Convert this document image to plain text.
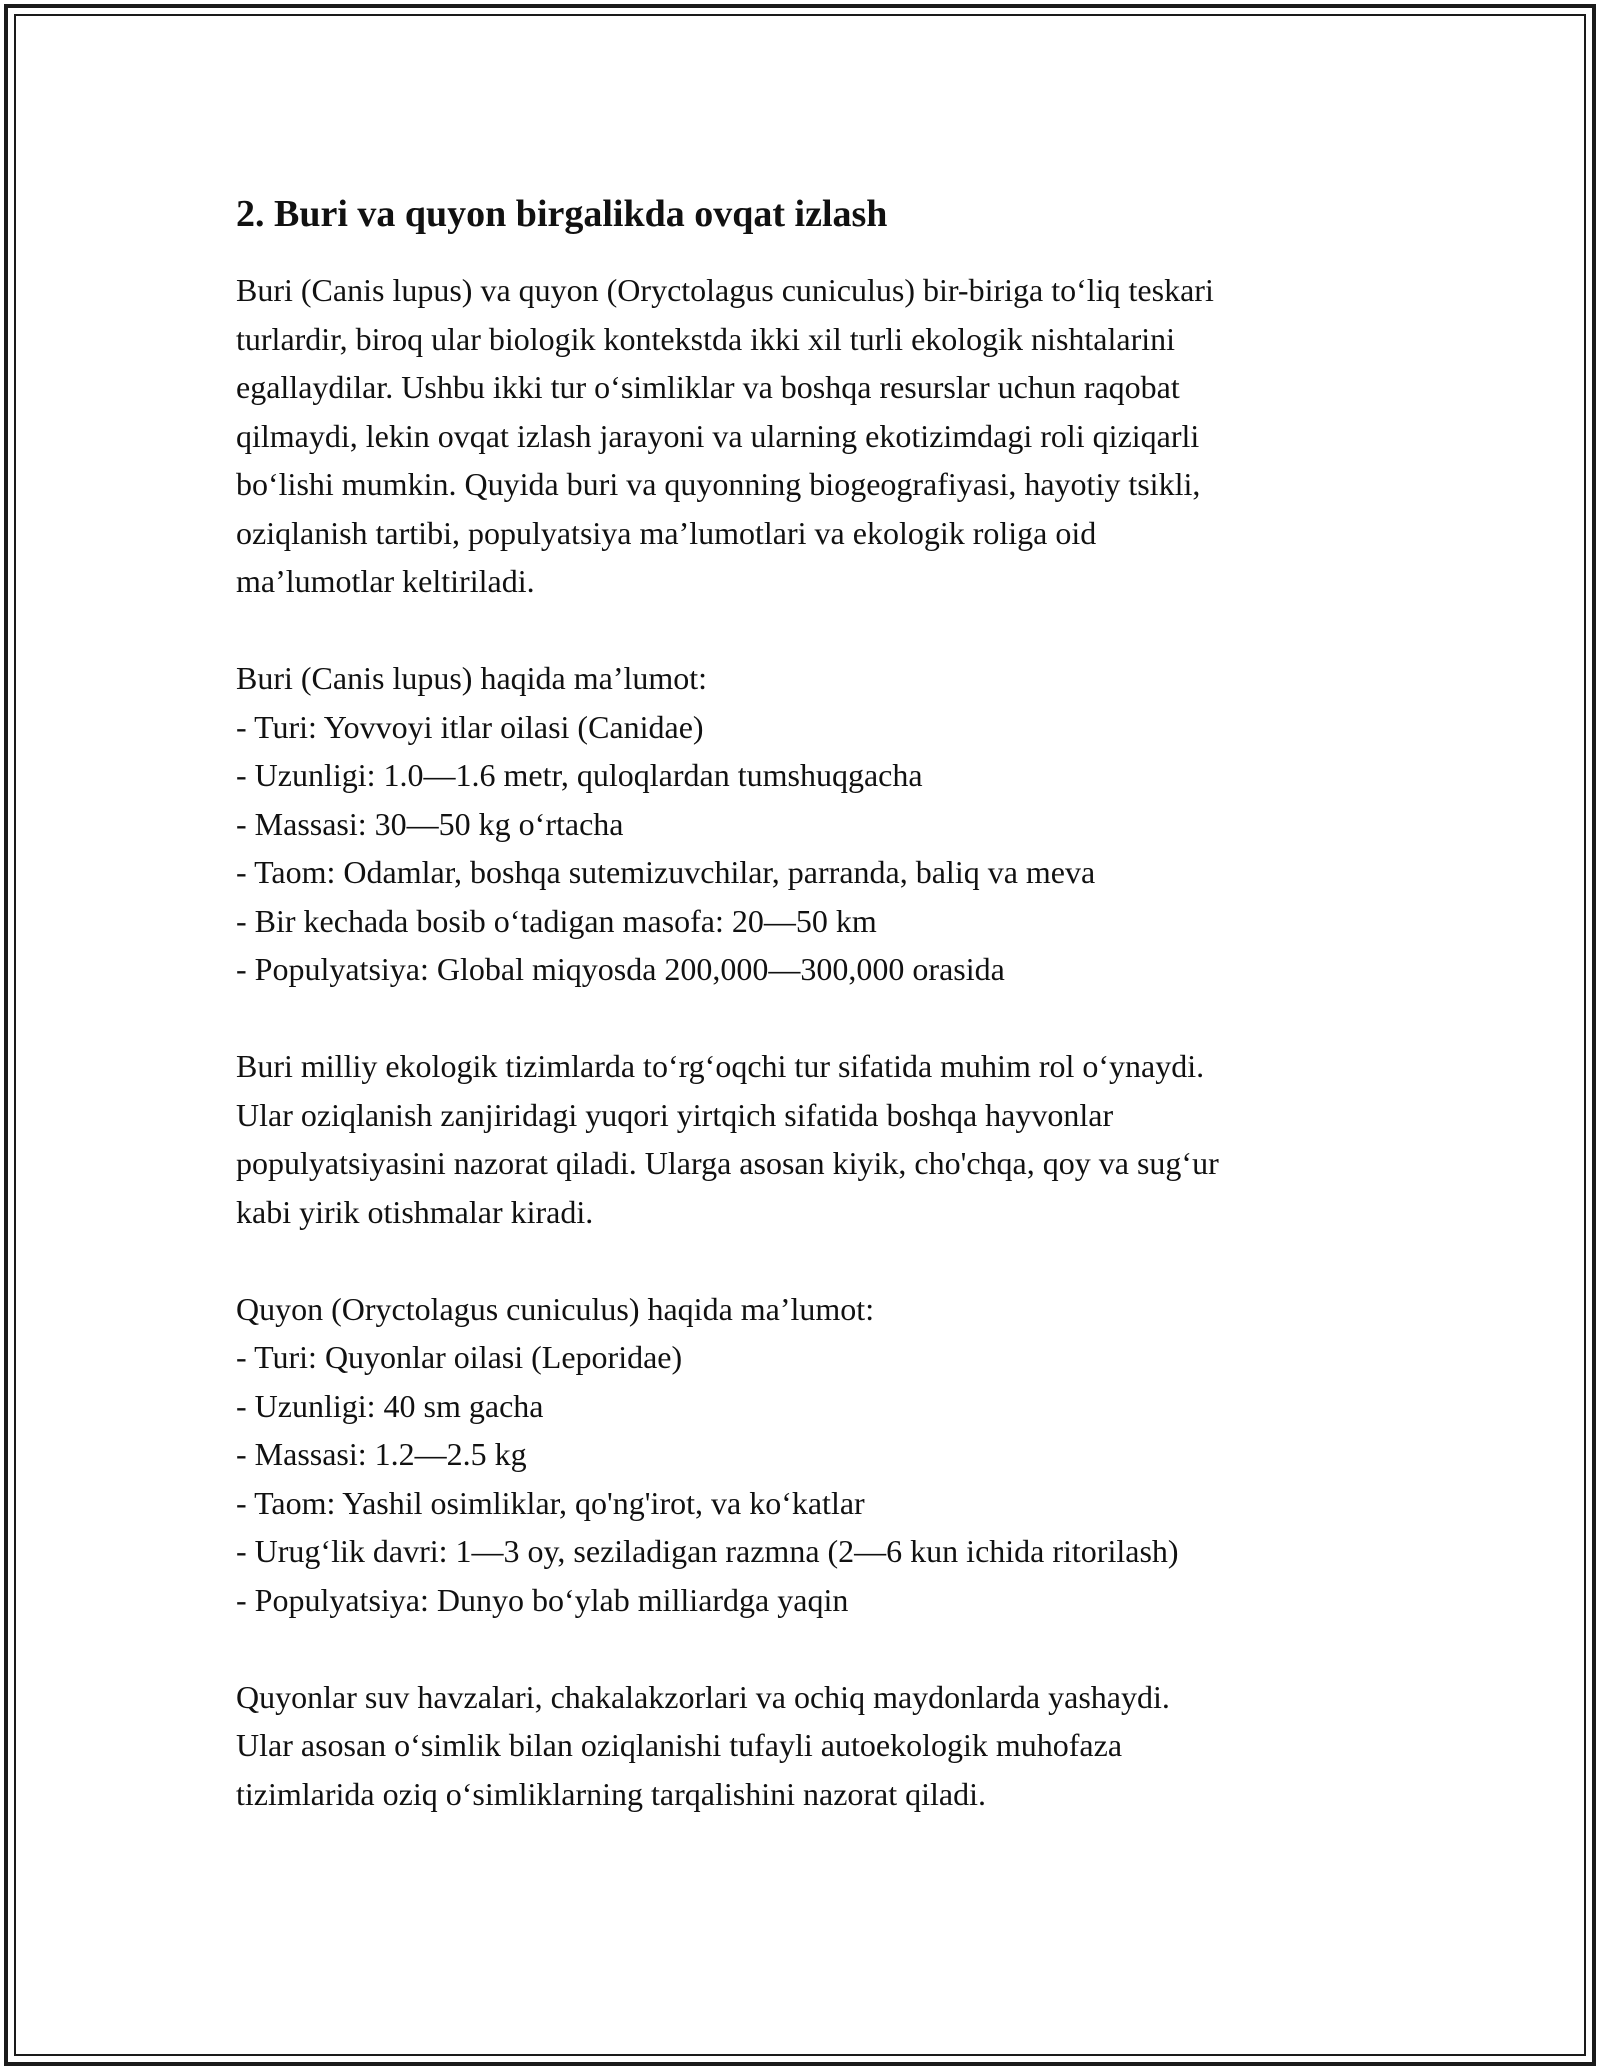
2. Buri va quyon birgalikda ovqat izlash

Buri (Canis lupus) va quyon (Oryctolagus cuniculus) bir-biriga to‘liq teskari
turlardir, biroq ular biologik kontekstda ikki xil turli ekologik nishtalarini
egallaydilar. Ushbu ikki tur o‘simliklar va boshqa resurslar uchun raqobat
qilmaydi, lekin ovqat izlash jarayoni va ularning ekotizimdagi roli qiziqarli
bo‘lishi mumkin. Quyida buri va quyonning biogeografiyasi, hayotiy tsikli,
oziqlanish tartibi, populyatsiya ma’lumotlari va ekologik roliga oid
ma’lumotlar keltiriladi.

Buri (Canis lupus) haqida ma’lumot:
- Turi: Yovvoyi itlar oilasi (Canidae)
- Uzunligi: 1.0—1.6 metr, quloqlardan tumshuqgacha
- Massasi: 30—50 kg o‘rtacha
- Taom: Odamlar, boshqa sutemizuvchilar, parranda, baliq va meva
- Bir kechada bosib o‘tadigan masofa: 20—50 km
- Populyatsiya: Global miqyosda 200,000—300,000 orasida

Buri milliy ekologik tizimlarda to‘rg‘oqchi tur sifatida muhim rol o‘ynaydi.
Ular oziqlanish zanjiridagi yuqori yirtqich sifatida boshqa hayvonlar
populyatsiyasini nazorat qiladi. Ularga asosan kiyik, cho'chqa, qoy va sug‘ur
kabi yirik otishmalar kiradi.

Quyon (Oryctolagus cuniculus) haqida ma’lumot:
- Turi: Quyonlar oilasi (Leporidae)
- Uzunligi: 40 sm gacha
- Massasi: 1.2—2.5 kg
- Taom: Yashil osimliklar, qo'ng'irot, va ko‘katlar
- Urug‘lik davri: 1—3 oy, seziladigan razmna (2—6 kun ichida ritorilash)
- Populyatsiya: Dunyo bo‘ylab milliardga yaqin

Quyonlar suv havzalari, chakalakzorlari va ochiq maydonlarda yashaydi.
Ular asosan o‘simlik bilan oziqlanishi tufayli autoekologik muhofaza
tizimlarida oziq o‘simliklarning tarqalishini nazorat qiladi.
